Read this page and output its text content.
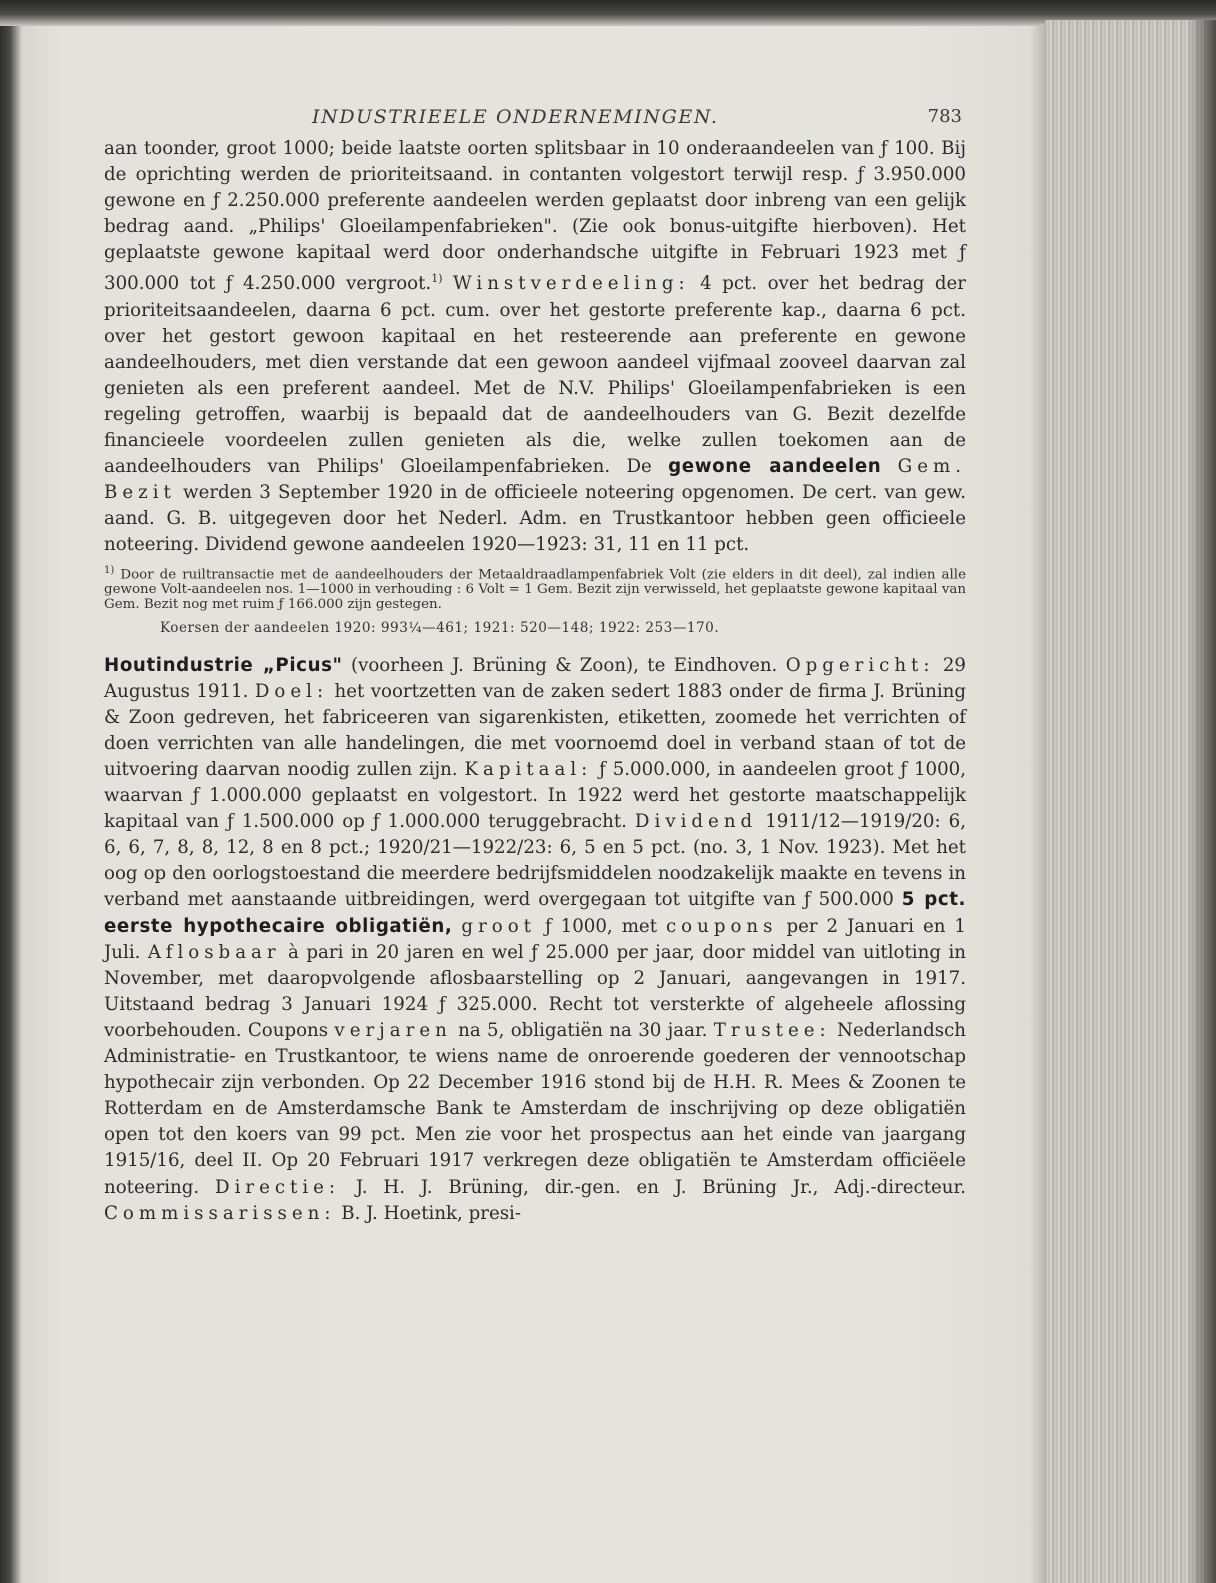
INDUSTRIEELE ONDERNEMINGEN.	783

aan toonder, groot 1000; beide laatste oorten splitsbaar in 10 onderaandeelen van ƒ 100. Bij de oprichting werden de prioriteitsaand. in contanten volgestort terwijl resp. ƒ 3.950.000 gewone en ƒ 2.250.000 preferente aandeelen werden geplaatst door inbreng van een gelijk bedrag aand. „Philips' Gloeilampenfabrieken". (Zie ook bonus-uitgifte hierboven). Het geplaatste gewone kapitaal werd door onderhandsche uitgifte in Februari 1923 met ƒ 300.000 tot ƒ 4.250.000 vergroot.$^{1)}$ Winstverdeeling: 4 pct. over het bedrag der prioriteitsaandeelen, daarna 6 pct. cum. over het gestorte preferente kap., daarna 6 pct. over het gestort gewoon kapitaal en het resteerende aan preferente en gewone aandeelhouders, met dien verstande dat een gewoon aandeel vijfmaal zooveel daarvan zal genieten als een preferent aandeel. Met de N.V. Philips' Gloeilampenfabrieken is een regeling getroffen, waarbij is bepaald dat de aandeelhouders van G. Bezit dezelfde financieele voordeelen zullen genieten als die, welke zullen toekomen aan de aandeelhouders van Philips' Gloeilampenfabrieken. De gewone aandeelen Gem. Bezit werden 3 September 1920 in de officieele noteering opgenomen. De cert. van gew. aand. G. B. uitgegeven door het Nederl. Adm. en Trustkantoor hebben geen officieele noteering. Dividend gewone aandeelen 1920—1923: 31, 11 en 11 pct.

$^{1)}$ Door de ruiltransactie met de aandeelhouders der Metaaldraadlampenfabriek Volt (zie elders in dit deel), zal indien alle gewone Volt-aandeelen nos. 1—1000 in verhouding : 6 Volt = 1 Gem. Bezit zijn verwisseld, het geplaatste gewone kapitaal van Gem. Bezit nog met ruim ƒ 166.000 zijn gestegen.
Koersen der aandeelen 1920: 993¼—461; 1921: 520—148; 1922: 253—170.

Houtindustrie „Picus" (voorheen J. Brüning & Zoon), te Eindhoven. Opgericht: 29 Augustus 1911. Doel: het voortzetten van de zaken sedert 1883 onder de firma J. Brüning & Zoon gedreven, het fabriceeren van sigarenkisten, etiketten, zoomede het verrichten of doen verrichten van alle handelingen, die met voornoemd doel in verband staan of tot de uitvoering daarvan noodig zullen zijn. Kapitaal: ƒ 5.000.000, in aandeelen groot ƒ 1000, waarvan ƒ 1.000.000 geplaatst en volgestort. In 1922 werd het gestorte maatschappelijk kapitaal van ƒ 1.500.000 op ƒ 1.000.000 teruggebracht. Dividend 1911/12—1919/20: 6, 6, 6, 7, 8, 8, 12, 8 en 8 pct.; 1920/21—1922/23: 6, 5 en 5 pct. (no. 3, 1 Nov. 1923). Met het oog op den oorlogstoestand die meerdere bedrijfsmiddelen noodzakelijk maakte en tevens in verband met aanstaande uitbreidingen, werd overgegaan tot uitgifte van ƒ 500.000 5 pct. eerste hypothecaire obligatiën, groot ƒ 1000, met coupons per 2 Januari en 1 Juli. Aflosbaar à pari in 20 jaren en wel ƒ 25.000 per jaar, door middel van uitloting in November, met daaropvolgende aflosbaarstelling op 2 Januari, aangevangen in 1917. Uitstaand bedrag 3 Januari 1924 ƒ 325.000. Recht tot versterkte of algeheele aflossing voorbehouden. Coupons verjaren na 5, obligatiën na 30 jaar. Trustee: Nederlandsch Administratie- en Trustkantoor, te wiens name de onroerende goederen der vennootschap hypothecair zijn verbonden. Op 22 December 1916 stond bij de H.H. R. Mees & Zoonen te Rotterdam en de Amsterdamsche Bank te Amsterdam de inschrijving op deze obligatiën open tot den koers van 99 pct. Men zie voor het prospectus aan het einde van jaargang 1915/16, deel II. Op 20 Februari 1917 verkregen deze obligatiën te Amsterdam officiëele noteering. Directie: J. H. J. Brüning, dir.-gen. en J. Brüning Jr., Adj.-directeur. Commissarissen: B. J. Hoetink, presi-
